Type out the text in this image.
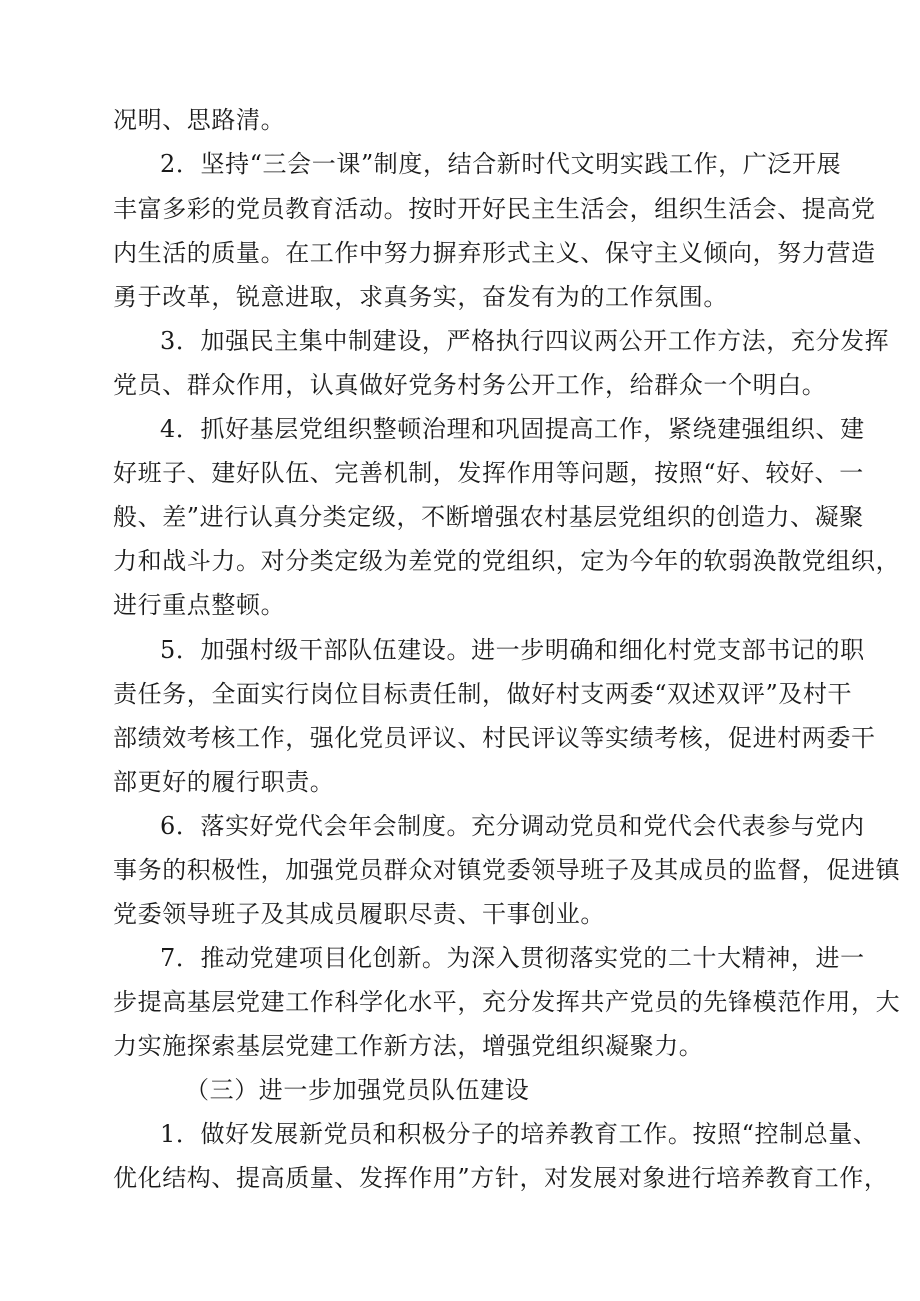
况明、思路清。

2．坚持“三会一课”制度，结合新时代文明实践工作，广泛开展

丰富多彩的党员教育活动。按时开好民主生活会，组织生活会、提高党

内生活的质量。在工作中努力摒弃形式主义、保守主义倾向，努力营造

勇于改革，锐意进取，求真务实，奋发有为的工作氛围。

3．加强民主集中制建设，严格执行四议两公开工作方法，充分发挥

党员、群众作用，认真做好党务村务公开工作，给群众一个明白。

4．抓好基层党组织整顿治理和巩固提高工作，紧绕建强组织、建

好班子、建好队伍、完善机制，发挥作用等问题，按照“好、较好、一

般、差”进行认真分类定级，不断增强农村基层党组织的创造力、凝聚

力和战斗力。对分类定级为差党的党组织，定为今年的软弱涣散党组织，

进行重点整顿。

5．加强村级干部队伍建设。进一步明确和细化村党支部书记的职

责任务，全面实行岗位目标责任制，做好村支两委“双述双评”及村干

部绩效考核工作，强化党员评议、村民评议等实绩考核，促进村两委干

部更好的履行职责。

6．落实好党代会年会制度。充分调动党员和党代会代表参与党内

事务的积极性，加强党员群众对镇党委领导班子及其成员的监督，促进镇

党委领导班子及其成员履职尽责、干事创业。

7．推动党建项目化创新。为深入贯彻落实党的二十大精神，进一

步提高基层党建工作科学化水平，充分发挥共产党员的先锋模范作用，大

力实施探索基层党建工作新方法，增强党组织凝聚力。

（三）进一步加强党员队伍建设

1．做好发展新党员和积极分子的培养教育工作。按照“控制总量、

优化结构、提高质量、发挥作用”方针，对发展对象进行培养教育工作，
